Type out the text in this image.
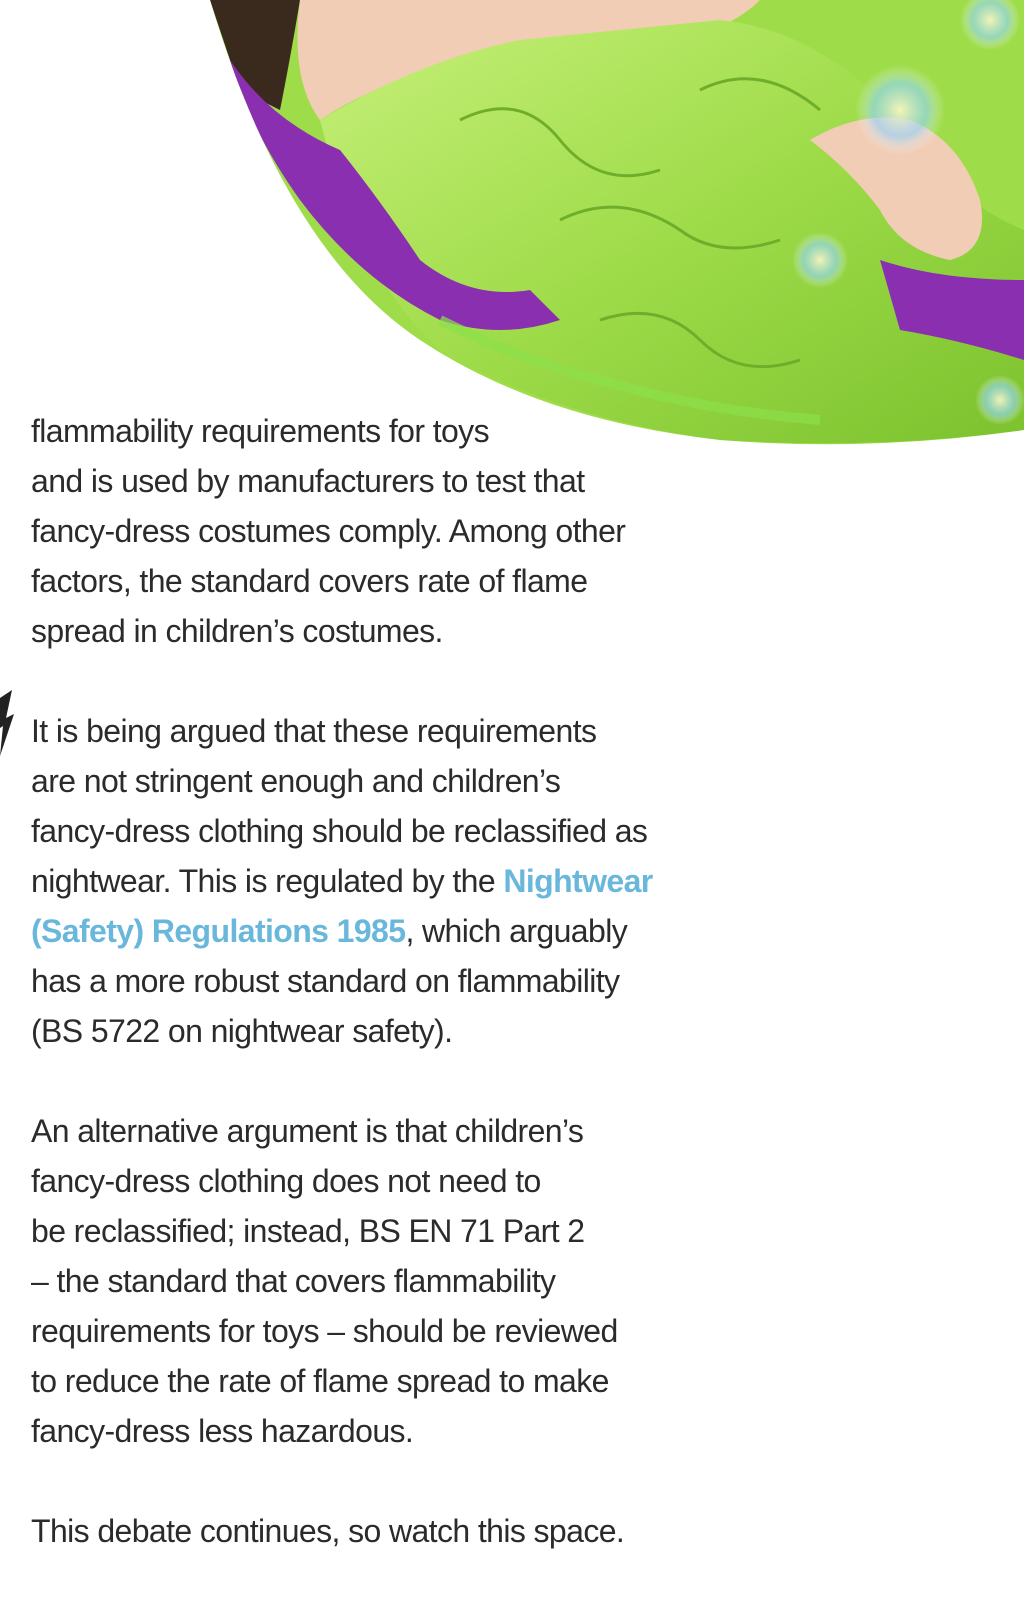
flammability requirements for toys
and is used by manufacturers to test that
fancy-dress costumes comply. Among other
factors, the standard covers rate of flame
spread in children’s costumes.

It is being argued that these requirements
are not stringent enough and children’s
fancy-dress clothing should be reclassified as
nightwear. This is regulated by the Nightwear
(Safety) Regulations 1985, which arguably
has a more robust standard on flammability
(BS 5722 on nightwear safety).

An alternative argument is that children’s
fancy-dress clothing does not need to
be reclassified; instead, BS EN 71 Part 2
– the standard that covers flammability
requirements for toys – should be reviewed
to reduce the rate of flame spread to make
fancy-dress less hazardous.

This debate continues, so watch this space.
